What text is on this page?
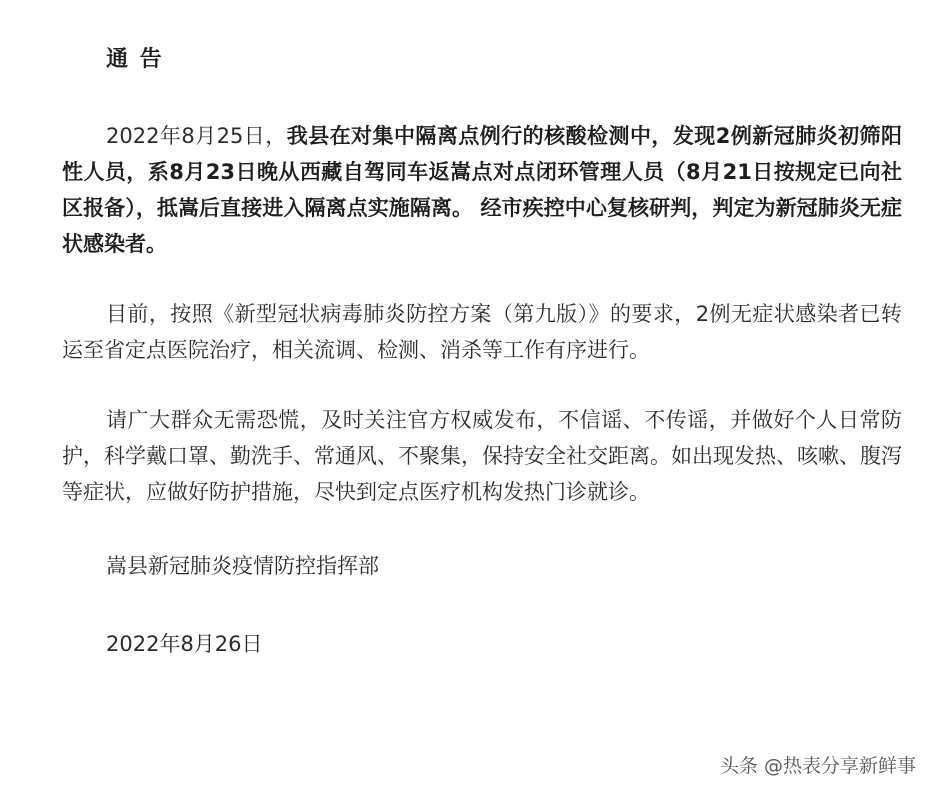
通 告

2022年8月25日，我县在对集中隔离点例行的核酸检测中，发现2例新冠肺炎初筛阳性人员，系8月23日晚从西藏自驾同车返嵩点对点闭环管理人员（8月21日按规定已向社区报备），抵嵩后直接进入隔离点实施隔离。 经市疾控中心复核研判，判定为新冠肺炎无症状感染者。

目前，按照《新型冠状病毒肺炎防控方案（第九版）》的要求，2例无症状感染者已转运至省定点医院治疗，相关流调、检测、消杀等工作有序进行。

请广大群众无需恐慌，及时关注官方权威发布，不信谣、不传谣，并做好个人日常防护，科学戴口罩、勤洗手、常通风、不聚集，保持安全社交距离。如出现发热、咳嗽、腹泻等症状，应做好防护措施，尽快到定点医疗机构发热门诊就诊。

嵩县新冠肺炎疫情防控指挥部
2022年8月26日
头条 @热表分享新鲜事
